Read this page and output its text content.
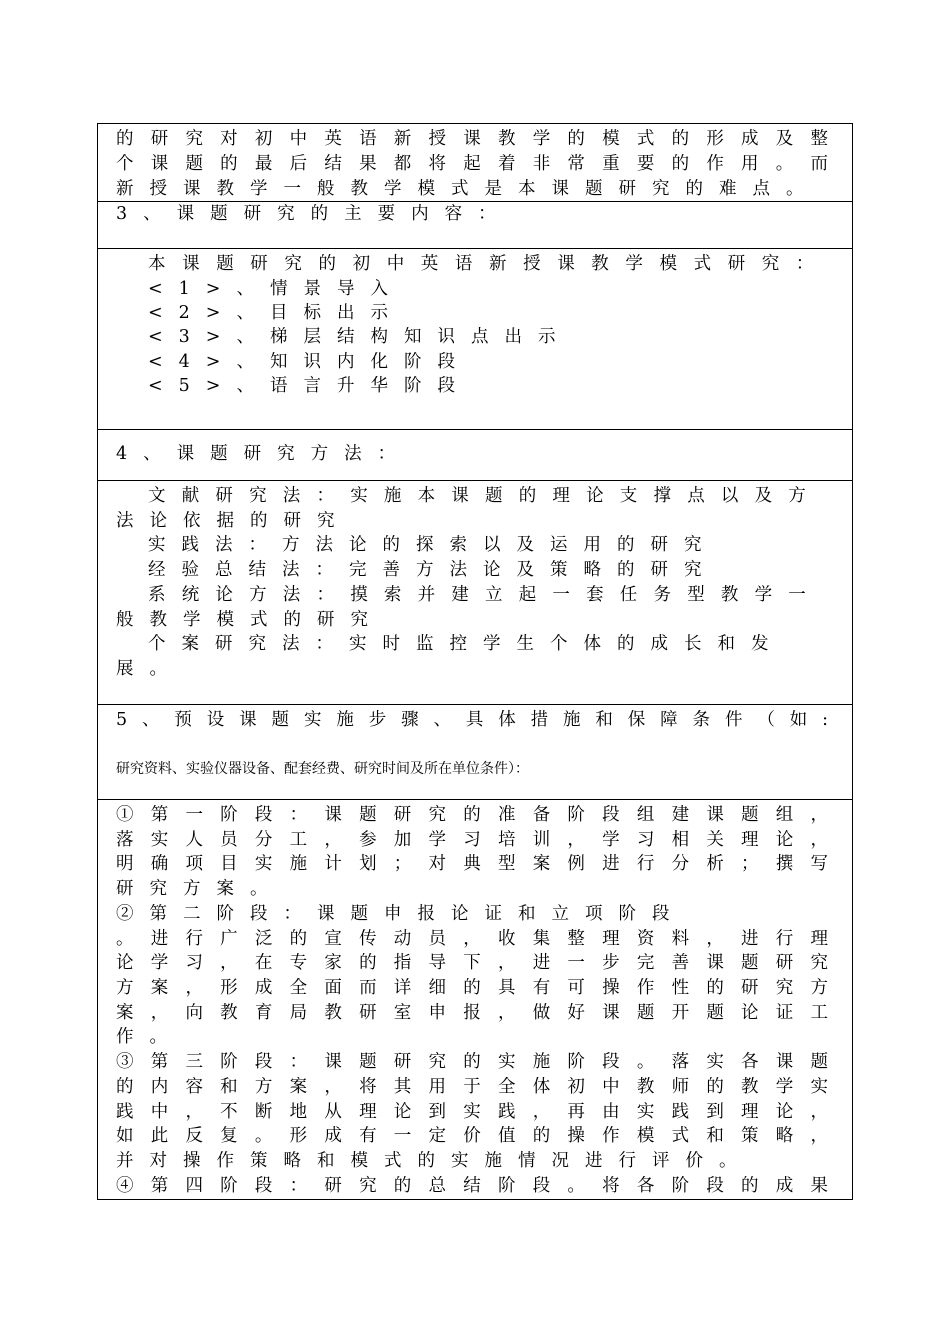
的研究对初中英语新授课教学的模式的形成及整
个课题的最后结果都将起着非常重要的作用。而
新授课教学一般教学模式是本课题研究的难点。
3、课题研究的主要内容：
本课题研究的初中英语新授课教学模式研究：
<1>、情景导入
<2>、目标出示
<3>、梯层结构知识点出示
<4>、知识内化阶段
<5>、语言升华阶段
4、课题研究方法：
文献研究法：实施本课题的理论支撑点以及方
法论依据的研究
实践法：方法论的探索以及运用的研究
经验总结法：完善方法论及策略的研究
系统论方法：摸索并建立起一套任务型教学一
般教学模式的研究
个案研究法：实时监控学生个体的成长和发
展。
5、预设课题实施步骤、具体措施和保障条件（如:
研究资料、实验仪器设备、配套经费、研究时间及所在单位条件）：
①第一阶段：课题研究的准备阶段组建课题组，
落实人员分工，参加学习培训，学习相关理论，
明确项目实施计划；对典型案例进行分析；撰写
研究方案。
②第二阶段：课题申报论证和立项阶段
。进行广泛的宣传动员，收集整理资料，进行理
论学习，在专家的指导下，进一步完善课题研究
方案，形成全面而详细的具有可操作性的研究方
案，向教育局教研室申报，做好课题开题论证工
作。
③第三阶段：课题研究的实施阶段。落实各课题
的内容和方案，将其用于全体初中教师的教学实
践中，不断地从理论到实践，再由实践到理论，
如此反复。形成有一定价值的操作模式和策略，
并对操作策略和模式的实施情况进行评价。
④第四阶段：研究的总结阶段。将各阶段的成果
